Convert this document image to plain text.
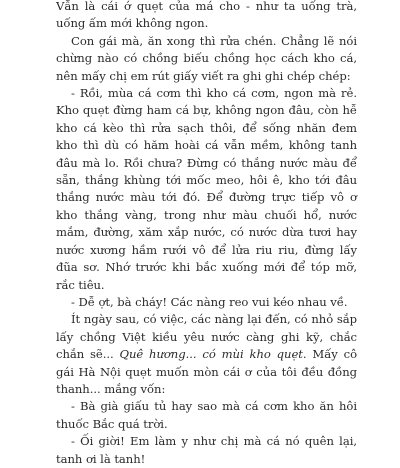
Vẫn là cái ớ quẹt của má cho - như ta uống trà, uống ấm mới không ngon.

Con gái mà, ăn xong thì rửa chén. Chẳng lẽ nói chừng nào có chồng biếu chồng học cách kho cá, nên mấy chị em rút giấy viết ra ghi ghi chép chép:

- Rồi, mùa cá cơm thì kho cá cơm, ngon mà rẻ. Kho quẹt đừng ham cá bự, không ngon đâu, còn hễ kho cá kèo thì rửa sạch thôi, để sống nhăn đem kho thì dù có hăm hoài cá vẫn mềm, không tanh đâu mà lo. Rồi chưa? Đừng có thắng nước màu để sẵn, thắng khùng tới mốc meo, hôi ê, kho tới đâu thắng nước màu tới đó. Để đường trực tiếp vô ơ kho thắng vàng, trong như màu chuối hổ, nước mắm, đường, xăm xắp nước, có nước dừa tươi hay nước xương hầm rưới vô để lửa riu riu, đừng lấy đũa sơ. Nhớ trước khi bắc xuống mới để tóp mỡ, rắc tiêu.

- Dễ ợt, bà cháy! Các nàng reo vui kéo nhau về.

Ít ngày sau, có việc, các nàng lại đến, có nhỏ sắp lấy chồng Việt kiều yêu nước càng ghi kỹ, chắc chắn sẽ... Quê hương... có mùi kho quẹt. Mấy cô gái Hà Nội quẹt muốn mòn cái ơ của tôi đều đồng thanh... mắng vốn:

- Bà già giấu tủ hay sao mà cá cơm kho ăn hôi thuốc Bắc quá trời.

- Ối giời! Em làm y như chị mà cá nó quên lại, tanh ơi là tanh!
